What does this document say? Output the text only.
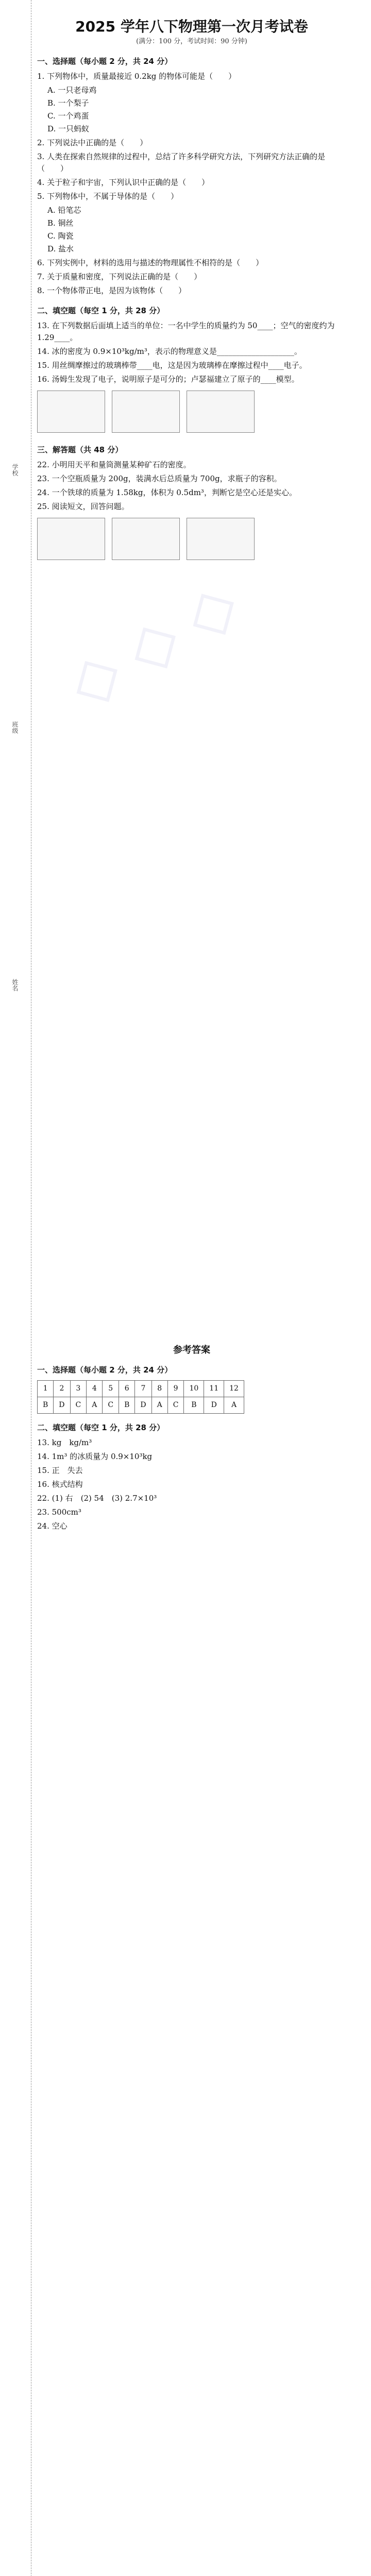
学校
班级
姓名
◇ ◇ ◇
2025 学年八下物理第一次月考试卷
(满分：100 分，考试时间：90 分钟)
一、选择题（每小题 2 分，共 24 分）
1. 下列物体中，质量最接近 0.2kg 的物体可能是（　　）
A. 一只老母鸡
B. 一个梨子
C. 一个鸡蛋
D. 一只蚂蚁
2. 下列说法中正确的是（　　）
3. 人类在探索自然规律的过程中，总结了许多科学研究方法，下列研究方法正确的是（　　）
4. 关于粒子和宇宙，下列认识中正确的是（　　）
5. 下列物体中，不属于导体的是（　　）
A. 铅笔芯
B. 铜丝
C. 陶瓷
D. 盐水
6. 下列实例中，材料的选用与描述的物理属性不相符的是（　　）
7. 关于质量和密度，下列说法正确的是（　　）
8. 一个物体带正电，是因为该物体（　　）
二、填空题（每空 1 分，共 28 分）
13. 在下列数据后面填上适当的单位：一名中学生的质量约为 50____；空气的密度约为 1.29____。
14. 冰的密度为 0.9×10³kg/m³，表示的物理意义是____________________。
15. 用丝绸摩擦过的玻璃棒带____电，这是因为玻璃棒在摩擦过程中____电子。
16. 汤姆生发现了电子，说明原子是可分的；卢瑟福建立了原子的____模型。

三、解答题（共 48 分）
22. 小明用天平和量筒测量某种矿石的密度。
23. 一个空瓶质量为 200g，装满水后总质量为 700g，求瓶子的容积。
24. 一个铁球的质量为 1.58kg，体积为 0.5dm³，判断它是空心还是实心。
25. 阅读短文，回答问题。

参考答案
一、选择题（每小题 2 分，共 24 分）
1	2	3	4	5	6	7	8	9	10	11	12
B	D	C	A	C	B	D	A	C	B	D	A
二、填空题（每空 1 分，共 28 分）
13. kg　kg/m³
14. 1m³ 的冰质量为 0.9×10³kg
15. 正　失去
16. 核式结构
22. (1) 右　(2) 54　(3) 2.7×10³
23. 500cm³
24. 空心
